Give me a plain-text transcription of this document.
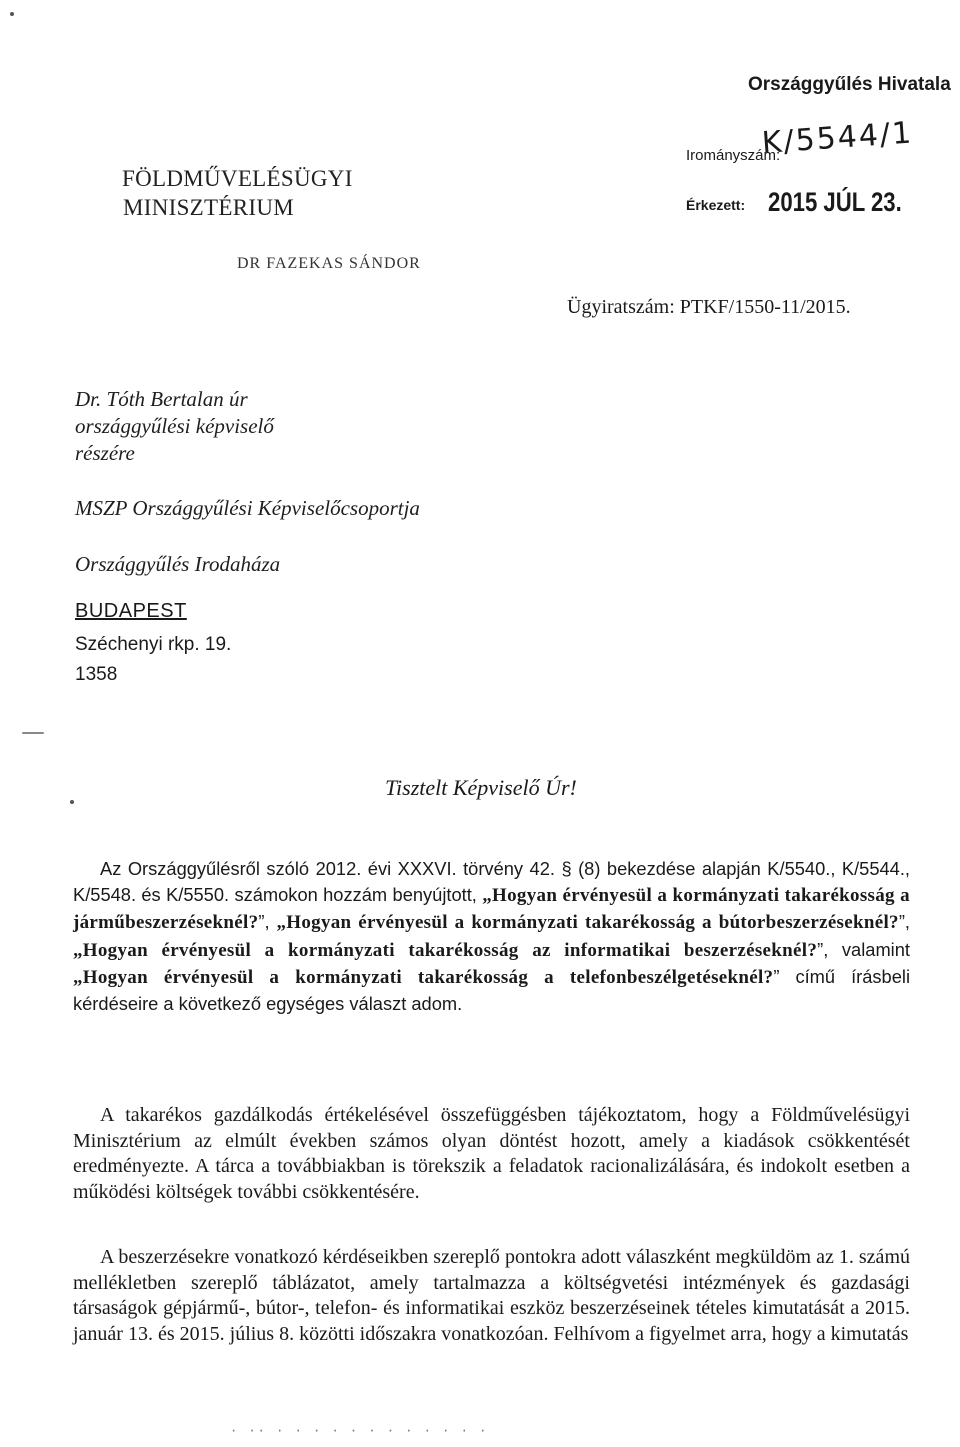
FÖLDMŰVELÉSÜGYI
MINISZTÉRIUM
DR FAZEKAS SÁNDOR
Országgyűlés Hivatala
Irományszám:
K/5544/1
Érkezett: 2015 JÚL 23.
Ügyiratszám: PTKF/1550-11/2015.
Dr. Tóth Bertalan úr
országgyűlési képviselő
részére
MSZP Országgyűlési Képviselőcsoportja
Országgyűlés Irodaháza
BUDAPEST
Széchenyi rkp. 19.
1358
Tisztelt Képviselő Úr!
Az Országgyűlésről szóló 2012. évi XXXVI. törvény 42. § (8) bekezdése alapján K/5540., K/5544., K/5548. és K/5550. számokon hozzám benyújtott, „Hogyan érvényesül a kormányzati takarékosság a járműbeszerzéseknél?”, „Hogyan érvényesül a kormányzati takarékosság a bútorbeszerzéseknél?”, „Hogyan érvényesül a kormányzati takarékosság az informatikai beszerzéseknél?”, valamint „Hogyan érvényesül a kormányzati takarékosság a telefonbeszélgetéseknél?” című írásbeli kérdéseire a következő egységes választ adom.
A takarékos gazdálkodás értékelésével összefüggésben tájékoztatom, hogy a Földművelésügyi Minisztérium az elmúlt években számos olyan döntést hozott, amely a kiadások csökkentését eredményezte. A tárca a továbbiakban is törekszik a feladatok racionalizálására, és indokolt esetben a működési költségek további csökkentésére.
A beszerzésekre vonatkozó kérdéseikben szereplő pontokra adott válaszként megküldöm az 1. számú mellékletben szereplő táblázatot, amely tartalmazza a költségvetési intézmények és gazdasági társaságok gépjármű-, bútor-, telefon- és informatikai eszköz beszerzéseinek tételes kimutatását a 2015. január 13. és 2015. július 8. közötti időszakra vonatkozóan. Felhívom a figyelmet arra, hogy a kimutatás
· ·· · · · · · · · · · · · ·
